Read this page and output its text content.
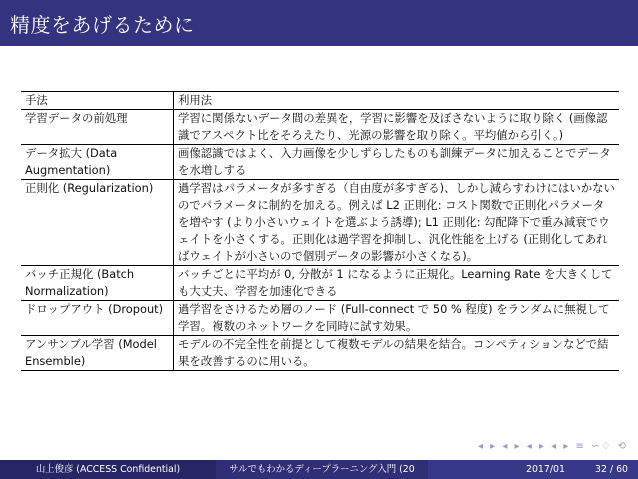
精度をあげるために
手法	利用法
学習データの前処理	学習に関係ないデータ間の差異を，学習に影響を及ぼさないように取り除く (画像認識でアスペクト比をそろえたり、光源の影響を取り除く。平均値から引く。)
データ拡大 (Data Augmentation)	画像認識ではよく、入力画像を少しずらしたものも訓練データに加えることでデータを水増しする
正則化 (Regularization)	過学習はパラメータが多すぎる（自由度が多すぎる)、しかし減らすわけにはいかないのでパラメータに制約を加える。例えば L2 正則化: コスト関数で正則化パラメータを増やす (より小さいウェイトを選ぶよう誘導); L1 正則化: 勾配降下で重み減衰でウェイトを小さくする。正則化は過学習を抑制し、汎化性能を上げる (正則化してあればウェイトが小さいので個別データの影響が小さくなる)。
バッチ正規化 (Batch Normalization)	バッチごとに平均が 0, 分散が 1 になるように正規化。Learning Rate を大きくしても大丈夫、学習を加速化できる
ドロップアウト (Dropout)	過学習をさけるため層のノード (Full-connect で 50 % 程度) をランダムに無視して学習。複数のネットワークを同時に試す効果。
アンサンブル学習 (Model Ensemble)	モデルの不完全性を前提として複数モデルの結果を結合。コンペティションなどで結果を改善するのに用いる。
◂ ▸ ◂ ▸ ◂ ▸ ◂ ▸ ≡ ∽♢ ⟲
山上俊彦 (ACCESS Confidential)	サルでもわかるディープラーニング入門 (20	2017/01	32 / 60
